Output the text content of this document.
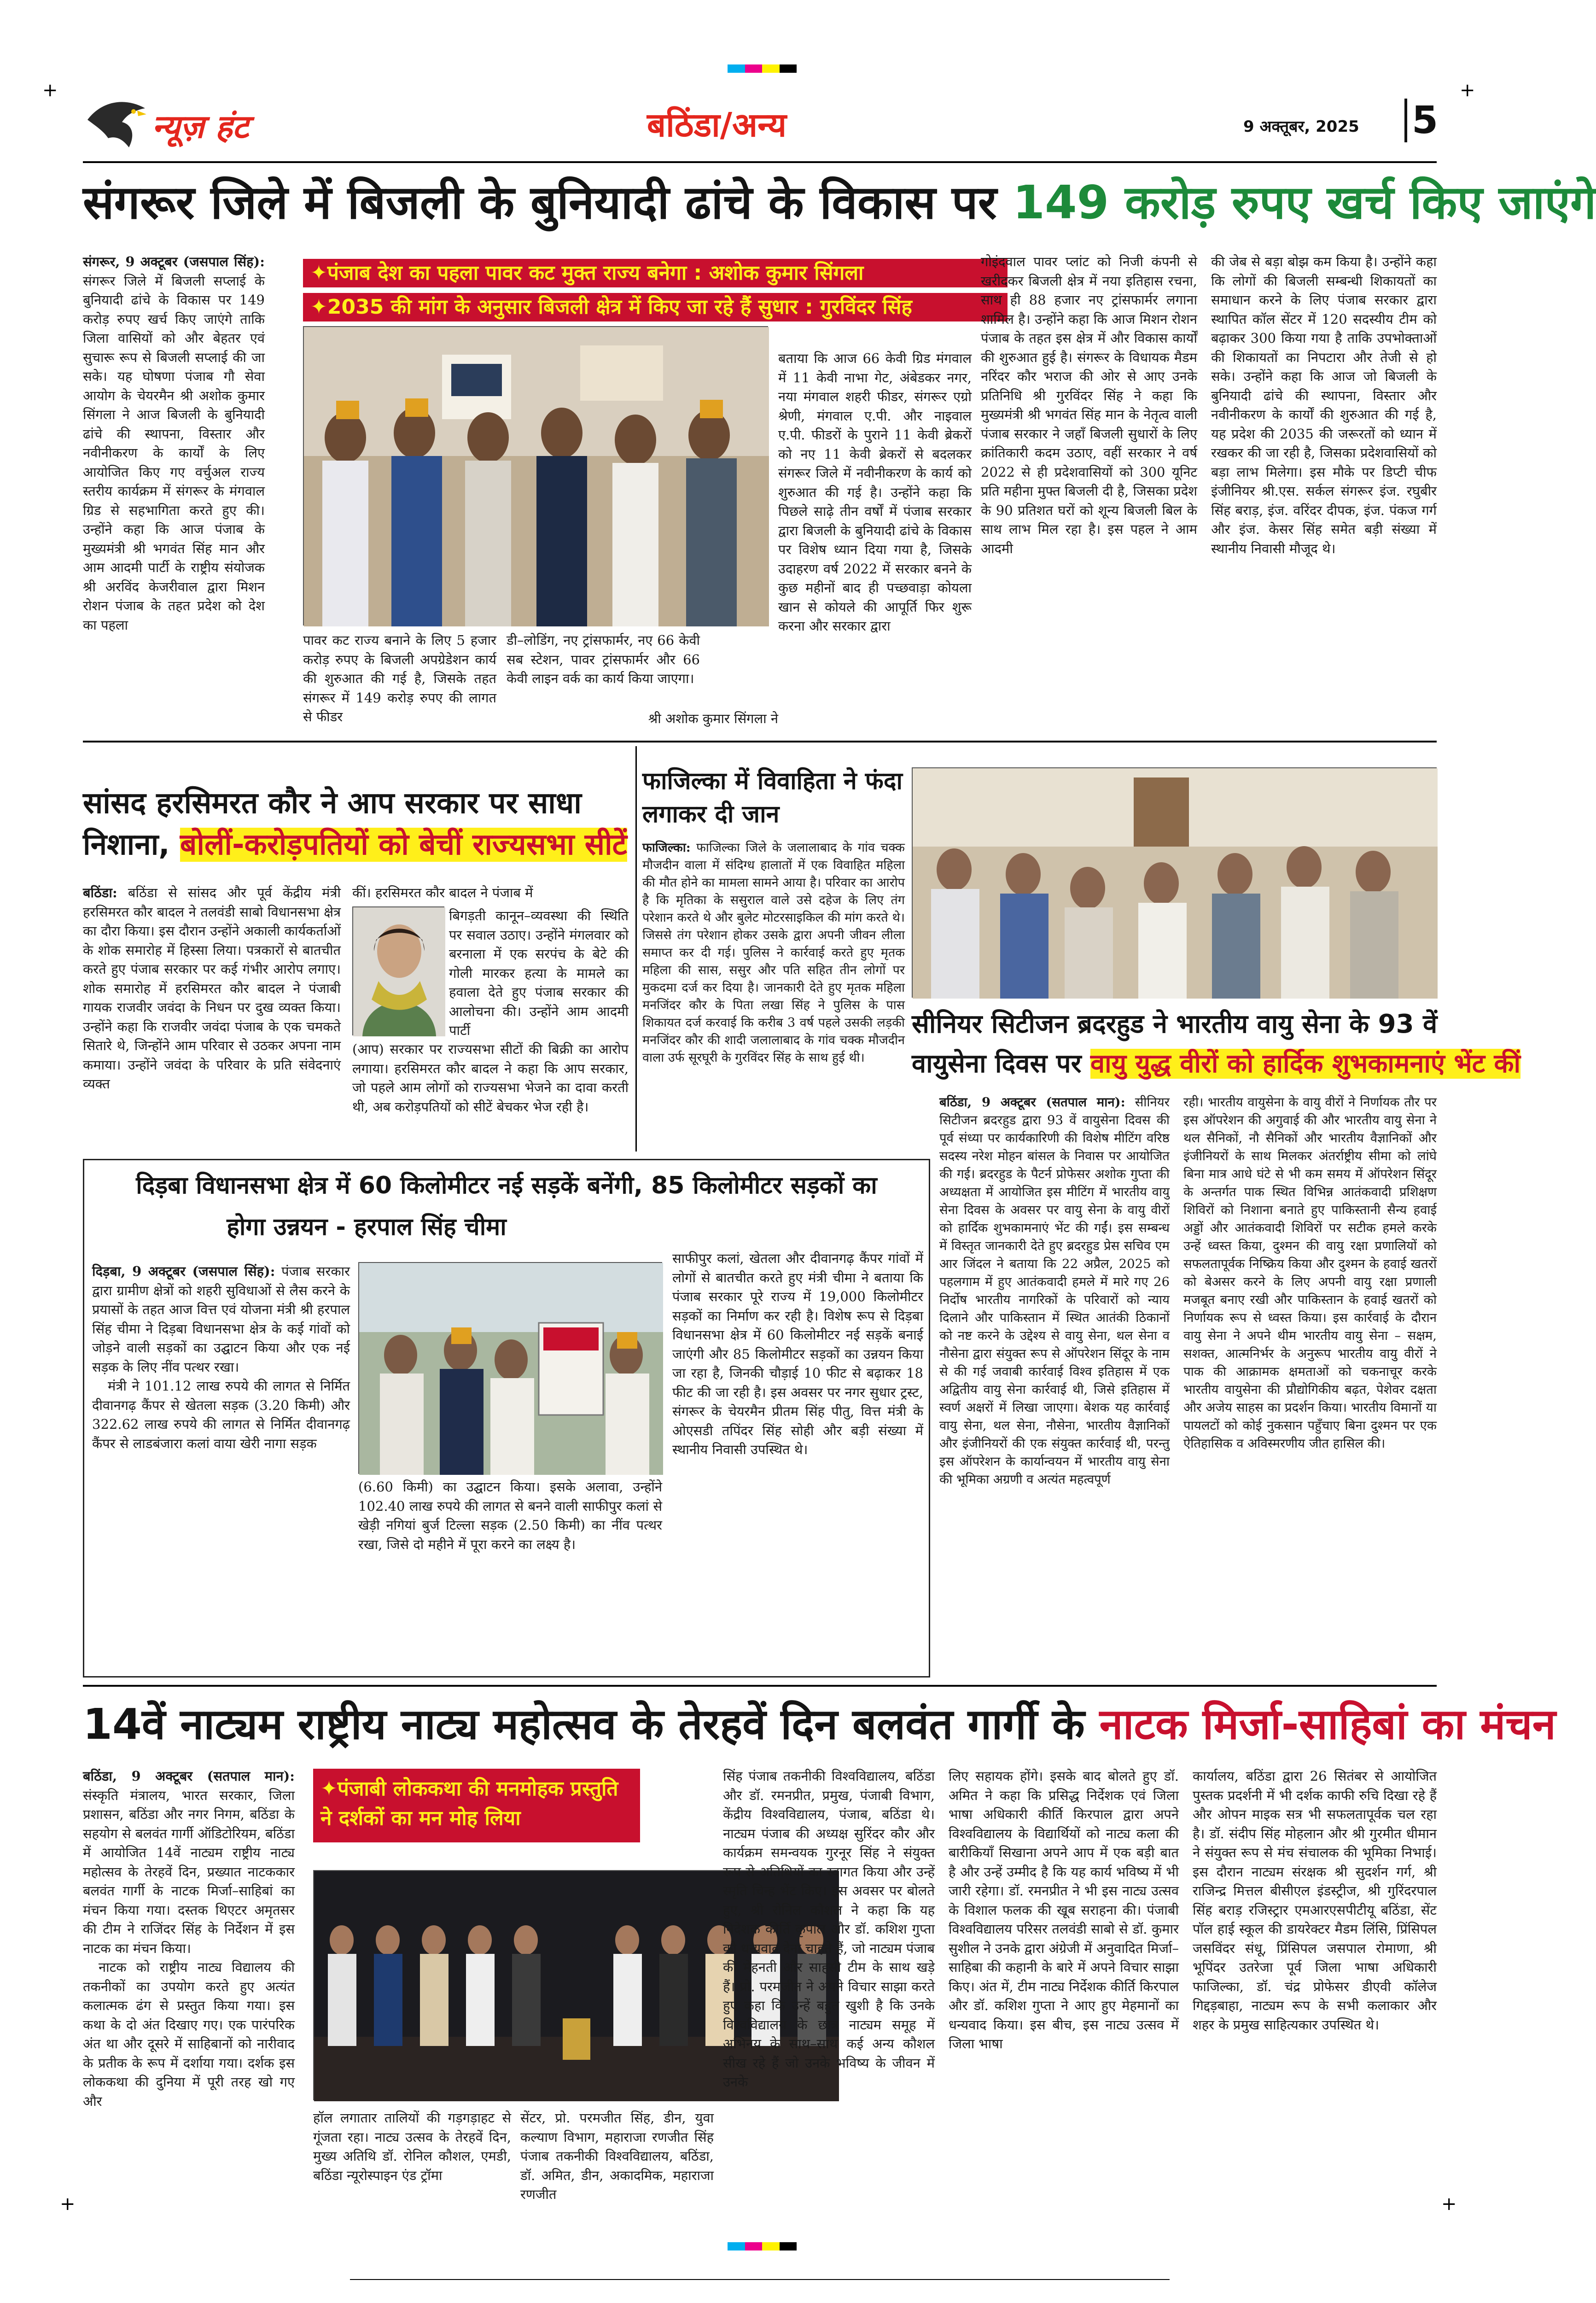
+	+
+	+
न्यूज़ हंट	बठिंडा/अन्य	9 अक्तूबर, 2025 5
संगरूर जिले में बिजली के बुनियादी ढांचे के विकास पर 149 करोड़ रुपए खर्च किए जाएंगे

संगरूर, 9 अक्टूबर (जसपाल सिंह): संगरूर जिले में बिजली सप्लाई के बुनियादी ढांचे के विकास पर 149 करोड़ रुपए खर्च किए जाएंगे ताकि जिला वासियों को और बेहतर एवं सुचारू रूप से बिजली सप्लाई की जा सके। यह घोषणा पंजाब गौ सेवा आयोग के चेयरमैन श्री अशोक कुमार सिंगला ने आज बिजली के बुनियादी ढांचे की स्थापना, विस्तार और नवीनीकरण के कार्यों के लिए आयोजित किए गए वर्चुअल राज्य स्तरीय कार्यक्रम में संगरूर के मंगवाल ग्रिड से सहभागिता करते हुए की। उन्होंने कहा कि आज पंजाब के मुख्यमंत्री श्री भगवंत सिंह मान और आम आदमी पार्टी के राष्ट्रीय संयोजक श्री अरविंद केजरीवाल द्वारा मिशन रोशन पंजाब के तहत प्रदेश को देश का पहला

✦पंजाब देश का पहला पावर कट मुक्त राज्य बनेगा : अशोक कुमार सिंगला
✦2035 की मांग के अनुसार बिजली क्षेत्र में किए जा रहे हैं सुधार : गुरविंदर सिंह

पावर कट राज्य बनाने के लिए 5 हजार करोड़ रुपए के बिजली अपग्रेडेशन कार्य की शुरुआत की गई है, जिसके तहत संगरूर में 149 करोड़ रुपए की लागत से फीडर

डी–लोडिंग, नए ट्रांसफार्मर, नए 66 केवी सब स्टेशन, पावर ट्रांसफार्मर और 66 केवी लाइन वर्क का कार्य किया जाएगा।

श्री अशोक कुमार सिंगला ने

बताया कि आज 66 केवी ग्रिड मंगवाल में 11 केवी नाभा गेट, अंबेडकर नगर, नया मंगवाल शहरी फीडर, संगरूर एग्रो श्रेणी, मंगवाल ए.पी. और नाइवाल ए.पी. फीडरों के पुराने 11 केवी ब्रेकरों को नए 11 केवी ब्रेकरों से बदलकर संगरूर जिले में नवीनीकरण के कार्य को शुरुआत की गई है। उन्होंने कहा कि पिछले साढ़े तीन वर्षों में पंजाब सरकार द्वारा बिजली के बुनियादी ढांचे के विकास पर विशेष ध्यान दिया गया है, जिसके उदाहरण वर्ष 2022 में सरकार बनने के कुछ महीनों बाद ही पच्छवाड़ा कोयला खान से कोयले की आपूर्ति फिर शुरू करना और सरकार द्वारा

गोइंदवाल पावर प्लांट को निजी कंपनी से खरीदकर बिजली क्षेत्र में नया इतिहास रचना, साथ ही 88 हजार नए ट्रांसफार्मर लगाना शामिल है। उन्होंने कहा कि आज मिशन रोशन पंजाब के तहत इस क्षेत्र में और विकास कार्यों की शुरुआत हुई है। संगरूर के विधायक मैडम नरिंदर कौर भराज की ओर से आए उनके प्रतिनिधि श्री गुरविंदर सिंह ने कहा कि मुख्यमंत्री श्री भगवंत सिंह मान के नेतृत्व वाली पंजाब सरकार ने जहाँ बिजली सुधारों के लिए क्रांतिकारी कदम उठाए, वहीं सरकार ने वर्ष 2022 से ही प्रदेशवासियों को 300 यूनिट प्रति महीना मुफ्त बिजली दी है, जिसका प्रदेश के 90 प्रतिशत घरों को शून्य बिजली बिल के साथ लाभ मिल रहा है। इस पहल ने आम आदमी

की जेब से बड़ा बोझ कम किया है। उन्होंने कहा कि लोगों की बिजली सम्बन्धी शिकायतों का समाधान करने के लिए पंजाब सरकार द्वारा स्थापित कॉल सेंटर में 120 सदस्यीय टीम को बढ़ाकर 300 किया गया है ताकि उपभोक्ताओं की शिकायतों का निपटारा और तेजी से हो सके। उन्होंने कहा कि आज जो बिजली के बुनियादी ढांचे की स्थापना, विस्तार और नवीनीकरण के कार्यों की शुरुआत की गई है, यह प्रदेश की 2035 की जरूरतों को ध्यान में रखकर की जा रही है, जिसका प्रदेशवासियों को बड़ा लाभ मिलेगा। इस मौके पर डिप्टी चीफ इंजीनियर श्री.एस. सर्कल संगरूर इंज. रघुबीर सिंह बराड़, इंज. वरिंदर दीपक, इंज. पंकज गर्ग और इंज. केसर सिंह समेत बड़ी संख्या में स्थानीय निवासी मौजूद थे।

सांसद हरसिमरत कौर ने आप सरकार पर साधा
निशाना, बोलीं-करोड़पतियों को बेचीं राज्यसभा सीटें

बठिंडा: बठिंडा से सांसद और पूर्व केंद्रीय मंत्री हरसिमरत कौर बादल ने तलवंडी साबो विधानसभा क्षेत्र का दौरा किया। इस दौरान उन्होंने अकाली कार्यकर्ताओं के शोक समारोह में हिस्सा लिया। पत्रकारों से बातचीत करते हुए पंजाब सरकार पर कई गंभीर आरोप लगाए। शोक समारोह में हरसिमरत कौर बादल ने पंजाबी गायक राजवीर जवंदा के निधन पर दुख व्यक्त किया। उन्होंने कहा कि राजवीर जवंदा पंजाब के एक चमकते सितारे थे, जिन्होंने आम परिवार से उठकर अपना नाम कमाया। उन्होंने जवंदा के परिवार के प्रति संवेदनाएं व्यक्त

कीं। हरसिमरत कौर बादल ने पंजाब में

बिगड़ती कानून–व्यवस्था की स्थिति पर सवाल उठाए। उन्होंने मंगलवार को बरनाला में एक सरपंच के बेटे की गोली मारकर हत्या के मामले का हवाला देते हुए पंजाब सरकार की आलोचना की। उन्होंने आम आदमी पार्टी

(आप) सरकार पर राज्यसभा सीटों की बिक्री का आरोप लगाया। हरसिमरत कौर बादल ने कहा कि आप सरकार, जो पहले आम लोगों को राज्यसभा भेजने का दावा करती थी, अब करोड़पतियों को सीटें बेचकर भेज रही है।

फाजिल्का में विवाहिता ने फंदा लगाकर दी जान

फाजिल्का: फाजिल्का जिले के जलालाबाद के गांव चक्क मौजदीन वाला में संदिग्ध हालातों में एक विवाहित महिला की मौत होने का मामला सामने आया है। परिवार का आरोप है कि मृतिका के ससुराल वाले उसे दहेज के लिए तंग परेशान करते थे और बुलेट मोटरसाइकिल की मांग करते थे। जिससे तंग परेशान होकर उसके द्वारा अपनी जीवन लीला समाप्त कर दी गई। पुलिस ने कार्रवाई करते हुए मृतक महिला की सास, ससुर और पति सहित तीन लोगों पर मुकदमा दर्ज कर दिया है। जानकारी देते हुए मृतक महिला मनजिंदर कौर के पिता लखा सिंह ने पुलिस के पास शिकायत दर्ज करवाई कि करीब 3 वर्ष पहले उसकी लड़की मनजिंदर कौर की शादी जलालाबाद के गांव चक्क मौजदीन वाला उर्फ सूरघूरी के गुरविंदर सिंह के साथ हुई थी।

सीनियर सिटीजन ब्रदरहुड ने भारतीय वायु सेना के 93 वें
वायुसेना दिवस पर वायु युद्ध वीरों को हार्दिक शुभकामनाएं भेंट कीं

बठिंडा, 9 अक्टूबर (सतपाल मान): सीनियर सिटीजन ब्रदरहुड द्वारा 93 वें वायुसेना दिवस की पूर्व संध्या पर कार्यकारिणी की विशेष मीटिंग वरिष्ठ सदस्य नरेश मोहन बांसल के निवास पर आयोजित की गई। ब्रदरहुड के पैटर्न प्रोफेसर अशोक गुप्ता की अध्यक्षता में आयोजित इस मीटिंग में भारतीय वायु सेना दिवस के अवसर पर वायु सेना के वायु वीरों को हार्दिक शुभकामनाएं भेंट की गईं। इस सम्बन्ध में विस्तृत जानकारी देते हुए ब्रदरहुड प्रेस सचिव एम आर जिंदल ने बताया कि 22 अप्रैल, 2025 को पहलगाम में हुए आतंकवादी हमले में मारे गए 26 निर्दोष भारतीय नागरिकों के परिवारों को न्याय दिलाने और पाकिस्तान में स्थित आतंकी ठिकानों को नष्ट करने के उद्देश्य से वायु सेना, थल सेना व नौसेना द्वारा संयुक्त रूप से ऑपरेशन सिंदूर के नाम से की गई जवाबी कार्रवाई विश्व इतिहास में एक अद्वितीय वायु सेना कार्रवाई थी, जिसे इतिहास में स्वर्ण अक्षरों में लिखा जाएगा। बेशक यह कार्रवाई वायु सेना, थल सेना, नौसेना, भारतीय वैज्ञानिकों और इंजीनियरों की एक संयुक्त कार्रवाई थी, परन्तु इस ऑपरेशन के कार्यान्वयन में भारतीय वायु सेना की भूमिका अग्रणी व अत्यंत महत्वपूर्ण

रही। भारतीय वायुसेना के वायु वीरों ने निर्णायक तौर पर इस ऑपरेशन की अगुवाई की और भारतीय वायु सेना ने थल सैनिकों, नौ सैनिकों और भारतीय वैज्ञानिकों और इंजीनियरों के साथ मिलकर अंतर्राष्ट्रीय सीमा को लांघे बिना मात्र आधे घंटे से भी कम समय में ऑपरेशन सिंदूर के अन्तर्गत पाक स्थित विभिन्न आतंकवादी प्रशिक्षण शिविरों को निशाना बनाते हुए पाकिस्तानी सैन्य हवाई अड्डों और आतंकवादी शिविरों पर सटीक हमले करके उन्हें ध्वस्त किया, दुश्मन की वायु रक्षा प्रणालियों को सफलतापूर्वक निष्क्रिय किया और दुश्मन के हवाई खतरों को बेअसर करने के लिए अपनी वायु रक्षा प्रणाली मजबूत बनाए रखी और पाकिस्तान के हवाई खतरों को निर्णायक रूप से ध्वस्त किया। इस कार्रवाई के दौरान वायु सेना ने अपने थीम भारतीय वायु सेना – सक्षम, सशक्त, आत्मनिर्भर के अनुरूप भारतीय वायु वीरों ने पाक की आक्रामक क्षमताओं को चकनाचूर करके भारतीय वायुसेना की प्रौद्योगिकीय बढ़त, पेशेवर दक्षता और अजेय साहस का प्रदर्शन किया। भारतीय विमानों या पायलटों को कोई नुकसान पहुँचाए बिना दुश्मन पर एक ऐतिहासिक व अविस्मरणीय जीत हासिल की।

दिड़बा विधानसभा क्षेत्र में 60 किलोमीटर नई सड़कें बनेंगी, 85 किलोमीटर सड़कों का
होगा उन्नयन - हरपाल सिंह चीमा

दिड़बा, 9 अक्टूबर (जसपाल सिंह): पंजाब सरकार द्वारा ग्रामीण क्षेत्रों को शहरी सुविधाओं से लैस करने के प्रयासों के तहत आज वित्त एवं योजना मंत्री श्री हरपाल सिंह चीमा ने दिड़बा विधानसभा क्षेत्र के कई गांवों को जोड़ने वाली सड़कों का उद्घाटन किया और एक नई सड़क के लिए नींव पत्थर रखा।

मंत्री ने 101.12 लाख रुपये की लागत से निर्मित दीवानगढ़ कैंपर से खेतला सड़क (3.20 किमी) और 322.62 लाख रुपये की लागत से निर्मित दीवानगढ़ कैंपर से लाडबंजारा कलां वाया खेरी नागा सड़क

(6.60 किमी) का उद्घाटन किया। इसके अलावा, उन्होंने 102.40 लाख रुपये की लागत से बनने वाली साफीपुर कलां से खेड़ी नगियां बुर्ज टिल्ला सड़क (2.50 किमी) का नींव पत्थर रखा, जिसे दो महीने में पूरा करने का लक्ष्य है।

साफीपुर कलां, खेतला और दीवानगढ़ कैंपर गांवों में लोगों से बातचीत करते हुए मंत्री चीमा ने बताया कि पंजाब सरकार पूरे राज्य में 19,000 किलोमीटर सड़कों का निर्माण कर रही है। विशेष रूप से दिड़बा विधानसभा क्षेत्र में 60 किलोमीटर नई सड़कें बनाई जाएंगी और 85 किलोमीटर सड़कों का उन्नयन किया जा रहा है, जिनकी चौड़ाई 10 फीट से बढ़ाकर 18 फीट की जा रही है। इस अवसर पर नगर सुधार ट्रस्ट, संगरूर के चेयरमैन प्रीतम सिंह पीतु, वित्त मंत्री के ओएसडी तपिंदर सिंह सोही और बड़ी संख्या में स्थानीय निवासी उपस्थित थे।

14वें नाट्यम राष्ट्रीय नाट्य महोत्सव के तेरहवें दिन बलवंत गार्गी के नाटक मिर्जा-साहिबां का मंचन

बठिंडा, 9 अक्टूबर (सतपाल मान): संस्कृति मंत्रालय, भारत सरकार, जिला प्रशासन, बठिंडा और नगर निगम, बठिंडा के सहयोग से बलवंत गार्गी ऑडिटोरियम, बठिंडा में आयोजित 14वें नाट्यम राष्ट्रीय नाट्य महोत्सव के तेरहवें दिन, प्रख्यात नाटककार बलवंत गार्गी के नाटक मिर्जा–साहिबां का मंचन किया गया। दस्तक थिएटर अमृतसर की टीम ने राजिंदर सिंह के निर्देशन में इस नाटक का मंचन किया।

नाटक को राष्ट्रीय नाट्य विद्यालय की तकनीकों का उपयोग करते हुए अत्यंत कलात्मक ढंग से प्रस्तुत किया गया। इस कथा के दो अंत दिखाए गए। एक पारंपरिक अंत था और दूसरे में साहिबानों को नारीवाद के प्रतीक के रूप में दर्शाया गया। दर्शक इस लोककथा की दुनिया में पूरी तरह खो गए और

✦पंजाबी लोककथा की मनमोहक प्रस्तुति ने दर्शकों का मन मोह लिया

हॉल लगातार तालियों की गड़गड़ाहट से गूंजता रहा। नाट्य उत्सव के तेरहवें दिन, मुख्य अतिथि डॉ. रोनिल कौशल, एमडी, बठिंडा न्यूरोस्पाइन एंड ट्रॉमा

सेंटर, प्रो. परमजीत सिंह, डीन, युवा कल्याण विभाग, महाराजा रणजीत सिंह पंजाब तकनीकी विश्वविद्यालय, बठिंडा, डॉ. अमित, डीन, अकादमिक, महाराजा रणजीत

सिंह पंजाब तकनीकी विश्वविद्यालय, बठिंडा और डॉ. रमनप्रीत, प्रमुख, पंजाबी विभाग, केंद्रीय विश्वविद्यालय, पंजाब, बठिंडा थे। नाट्यम पंजाब की अध्यक्ष सुरिंदर कौर और कार्यक्रम समन्वयक गुरनूर सिंह ने संयुक्त रूप से अतिथियों का स्वागत किया और उन्हें स्मृति चिन्ह भेंट किए। इस अवसर पर बोलते हुए, श्री रोनिल कौशल ने कहा कि यह निदेशक कीर्ति कृपाल और डॉ. कशिश गुप्ता को धन्यवाद देना चाहते हैं, जो नाट्यम पंजाब की मेहनती और साहसी टीम के साथ खड़े हैं। प्रो. परमजीत ने अपने विचार साझा करते हुए कहा कि उन्हें बहुत खुशी है कि उनके विश्वविद्यालय के छात्र नाट्यम समूह में अभिनय के साथ–साथ कई अन्य कौशल सीख रहे हैं जो उनके भविष्य के जीवन में उनके

लिए सहायक होंगे। इसके बाद बोलते हुए डॉ. अमित ने कहा कि प्रसिद्ध निर्देशक एवं जिला भाषा अधिकारी कीर्ति किरपाल द्वारा अपने विश्वविद्यालय के विद्यार्थियों को नाट्य कला की बारीकियाँ सिखाना अपने आप में एक बड़ी बात है और उन्हें उम्मीद है कि यह कार्य भविष्य में भी जारी रहेगा। डॉ. रमनप्रीत ने भी इस नाट्य उत्सव के विशाल फलक की खूब सराहना की। पंजाबी विश्वविद्यालय परिसर तलवंडी साबो से डॉ. कुमार सुशील ने उनके द्वारा अंग्रेजी में अनुवादित मिर्जा–साहिबा की कहानी के बारे में अपने विचार साझा किए। अंत में, टीम नाट्य निर्देशक कीर्ति किरपाल और डॉ. कशिश गुप्ता ने आए हुए मेहमानों का धन्यवाद किया। इस बीच, इस नाट्य उत्सव में जिला भाषा

कार्यालय, बठिंडा द्वारा 26 सितंबर से आयोजित पुस्तक प्रदर्शनी में भी दर्शक काफी रुचि दिखा रहे हैं और ओपन माइक सत्र भी सफलतापूर्वक चल रहा है। डॉ. संदीप सिंह मोहलान और श्री गुरमीत धीमान ने संयुक्त रूप से मंच संचालक की भूमिका निभाई। इस दौरान नाट्यम संरक्षक श्री सुदर्शन गर्ग, श्री राजिन्द्र मित्तल बीसीएल इंडस्ट्रीज, श्री गुरिंदरपाल सिंह बराड़ रजिस्ट्रार एमआरएसपीटीयू बठिंडा, सेंट पॉल हाई स्कूल की डायरेक्टर मैडम लिंसि, प्रिंसिपल जसविंदर संधू, प्रिंसिपल जसपाल रोमाणा, श्री भूपिंदर उतरेजा पूर्व जिला भाषा अधिकारी फाजिल्का, डॉ. चंद्र प्रोफेसर डीएवी कॉलेज गिद्दड़बाहा, नाट्यम रूप के सभी कलाकार और शहर के प्रमुख साहित्यकार उपस्थित थे।
